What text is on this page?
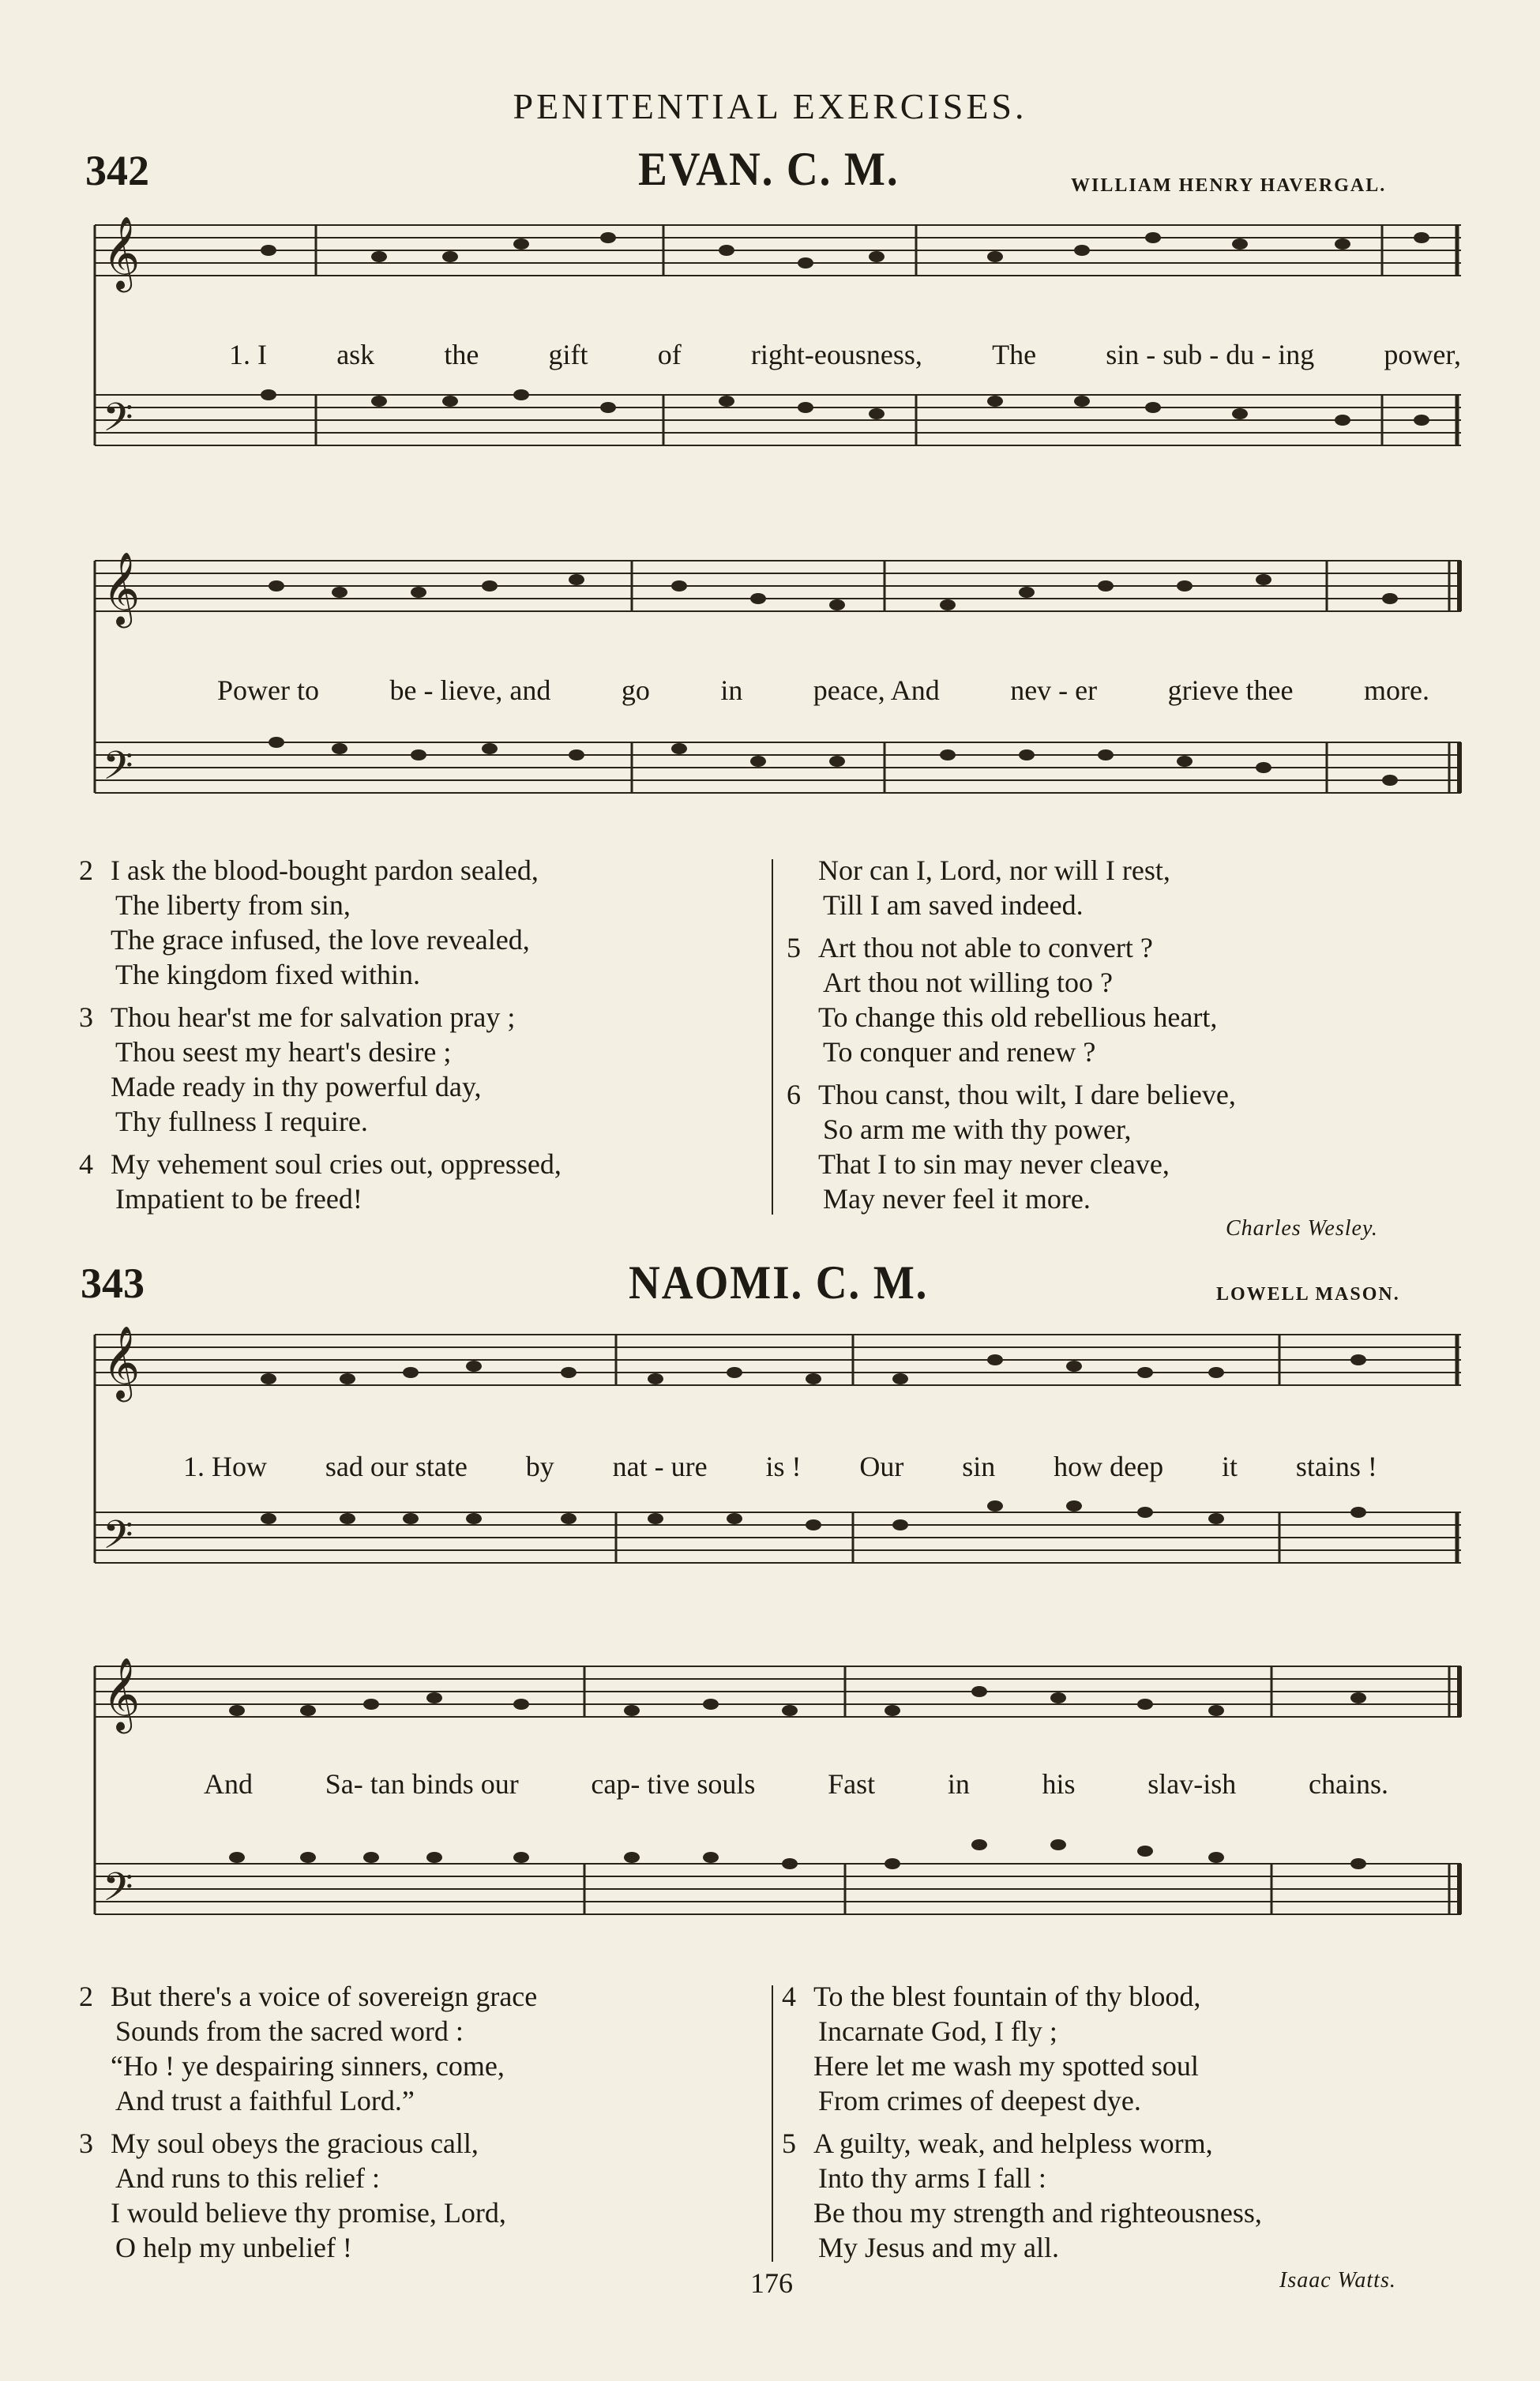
PENITENTIAL EXERCISES.
342	EVAN. C. M.	WILLIAM HENRY HAVERGAL.
𝄞
𝄢
1. I ask the gift of right-eousness, The sin - sub - du - ing power,
𝄞
𝄢
Power to be - lieve, and go in peace, And nev - er grieve thee more.
2 I ask the blood-bought pardon sealed,
The liberty from sin,
The grace infused, the love revealed,
The kingdom fixed within.
3 Thou hear'st me for salvation pray ;
Thou seest my heart's desire ;
Made ready in thy powerful day,
Thy fullness I require.
4 My vehement soul cries out, oppressed,
Impatient to be freed!
Nor can I, Lord, nor will I rest,
Till I am saved indeed.
5 Art thou not able to convert ?
Art thou not willing too ?
To change this old rebellious heart,
To conquer and renew ?
6 Thou canst, thou wilt, I dare believe,
So arm me with thy power,
That I to sin may never cleave,
May never feel it more.
Charles Wesley.
343	NAOMI. C. M.	LOWELL MASON.
𝄞
𝄢
1. How sad our state by nat - ure is ! Our sin how deep it stains !
𝄞
𝄢
And	Sa- tan binds our	cap- tive souls	Fast	in	his	slav-ish	chains.
2 But there's a voice of sovereign grace
Sounds from the sacred word :
“Ho ! ye despairing sinners, come,
And trust a faithful Lord.”
3 My soul obeys the gracious call,
And runs to this relief :
I would believe thy promise, Lord,
O help my unbelief !
4 To the blest fountain of thy blood,
Incarnate God, I fly ;
Here let me wash my spotted soul
From crimes of deepest dye.
5 A guilty, weak, and helpless worm,
Into thy arms I fall :
Be thou my strength and righteousness,
My Jesus and my all.
176	Isaac Watts.
